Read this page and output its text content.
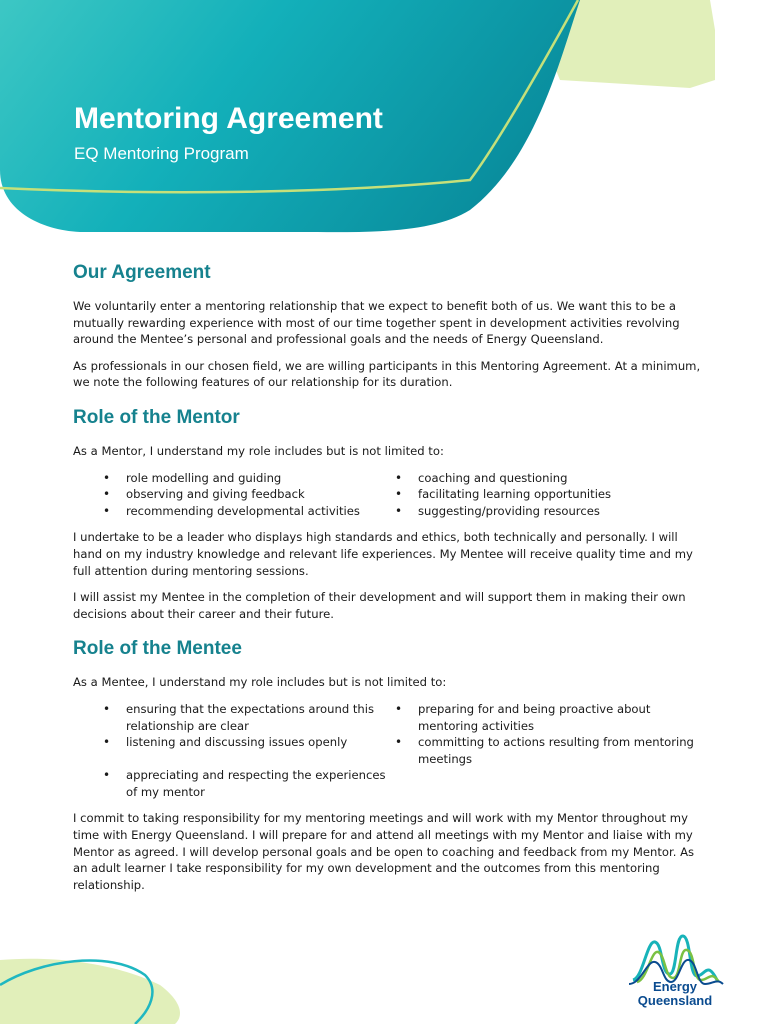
Mentoring Agreement
EQ Mentoring Program
Our Agreement

We voluntarily enter a mentoring relationship that we expect to benefit both of us. We want this to be a mutually rewarding experience with most of our time together spent in development activities revolving around the Mentee’s personal and professional goals and the needs of Energy Queensland.

As professionals in our chosen field, we are willing participants in this Mentoring Agreement. At a minimum, we note the following features of our relationship for its duration.

Role of the Mentor

As a Mentor, I understand my role includes but is not limited to:

• role modelling and guiding
• observing and giving feedback
• recommending developmental activities
• coaching and questioning
• facilitating learning opportunities
• suggesting/providing resources

I undertake to be a leader who displays high standards and ethics, both technically and personally. I will hand on my industry knowledge and relevant life experiences. My Mentee will receive quality time and my full attention during mentoring sessions.

I will assist my Mentee in the completion of their development and will support them in making their own decisions about their career and their future.

Role of the Mentee

As a Mentee, I understand my role includes but is not limited to:

• ensuring that the expectations around this relationship are clear
• listening and discussing issues openly
• appreciating and respecting the experiences of my mentor
• preparing for and being proactive about mentoring activities
• committing to actions resulting from mentoring meetings

I commit to taking responsibility for my mentoring meetings and will work with my Mentor throughout my time with Energy Queensland. I will prepare for and attend all meetings with my Mentor and liaise with my Mentor as agreed. I will develop personal goals and be open to coaching and feedback from my Mentor. As an adult learner I take responsibility for my own development and the outcomes from this mentoring relationship.

Energy
Queensland
